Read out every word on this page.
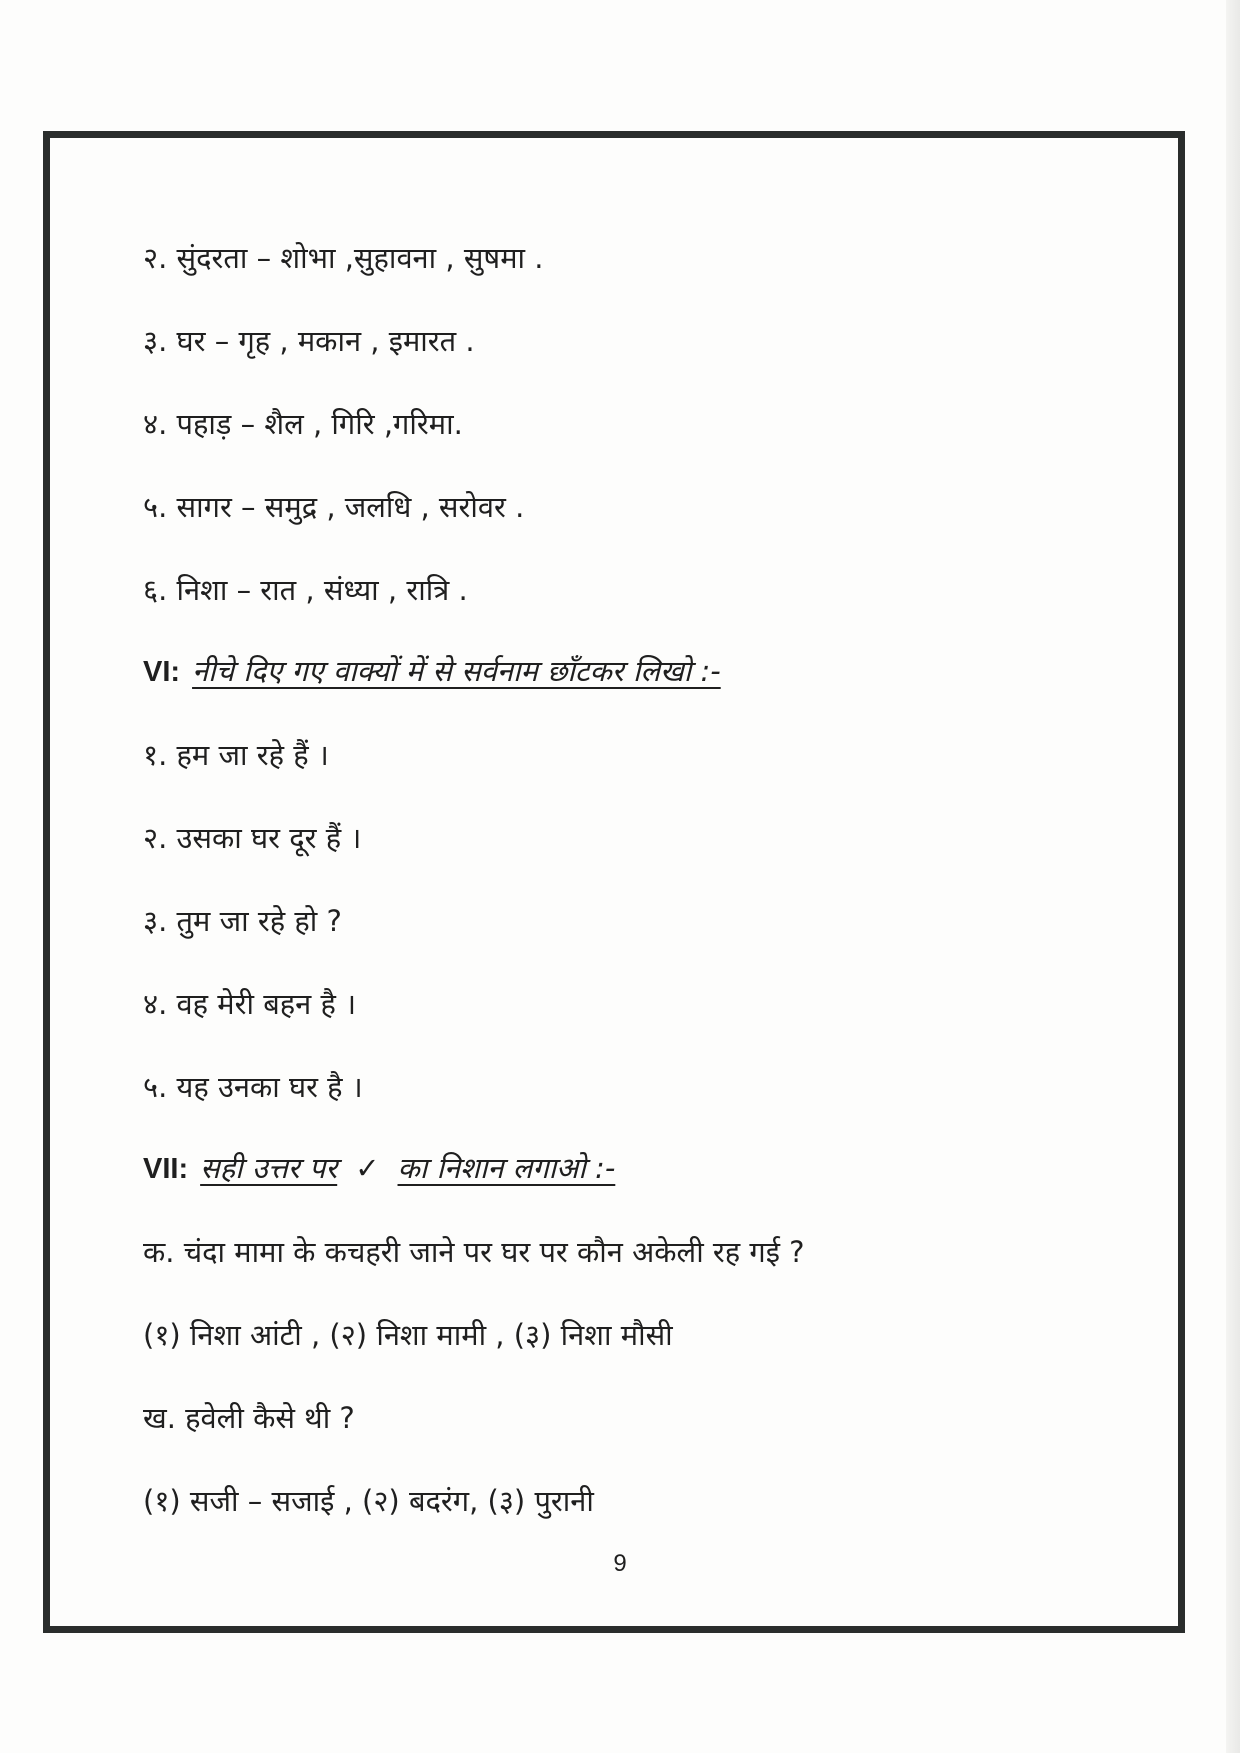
२. सुंदरता – शोभा ,सुहावना , सुषमा .
३. घर – गृह , मकान , इमारत .
४. पहाड़ – शैल , गिरि ,गरिमा.
५. सागर – समुद्र , जलधि , सरोवर .
६. निशा – रात , संध्या , रात्रि .
VI: नीचे दिए गए वाक्यों में से सर्वनाम छाँटकर लिखो :-
१. हम जा रहे हैं ।
२. उसका घर दूर हैं ।
३. तुम जा रहे हो ?
४. वह मेरी बहन है ।
५. यह उनका घर है ।
VII: सही उत्तर पर ✓ का निशान लगाओ :-
क. चंदा मामा के कचहरी जाने पर घर पर कौन अकेली रह गई ?
(१) निशा आंटी , (२) निशा मामी , (३) निशा मौसी
ख. हवेली कैसे थी ?
(१) सजी – सजाई , (२) बदरंग, (३) पुरानी
9
